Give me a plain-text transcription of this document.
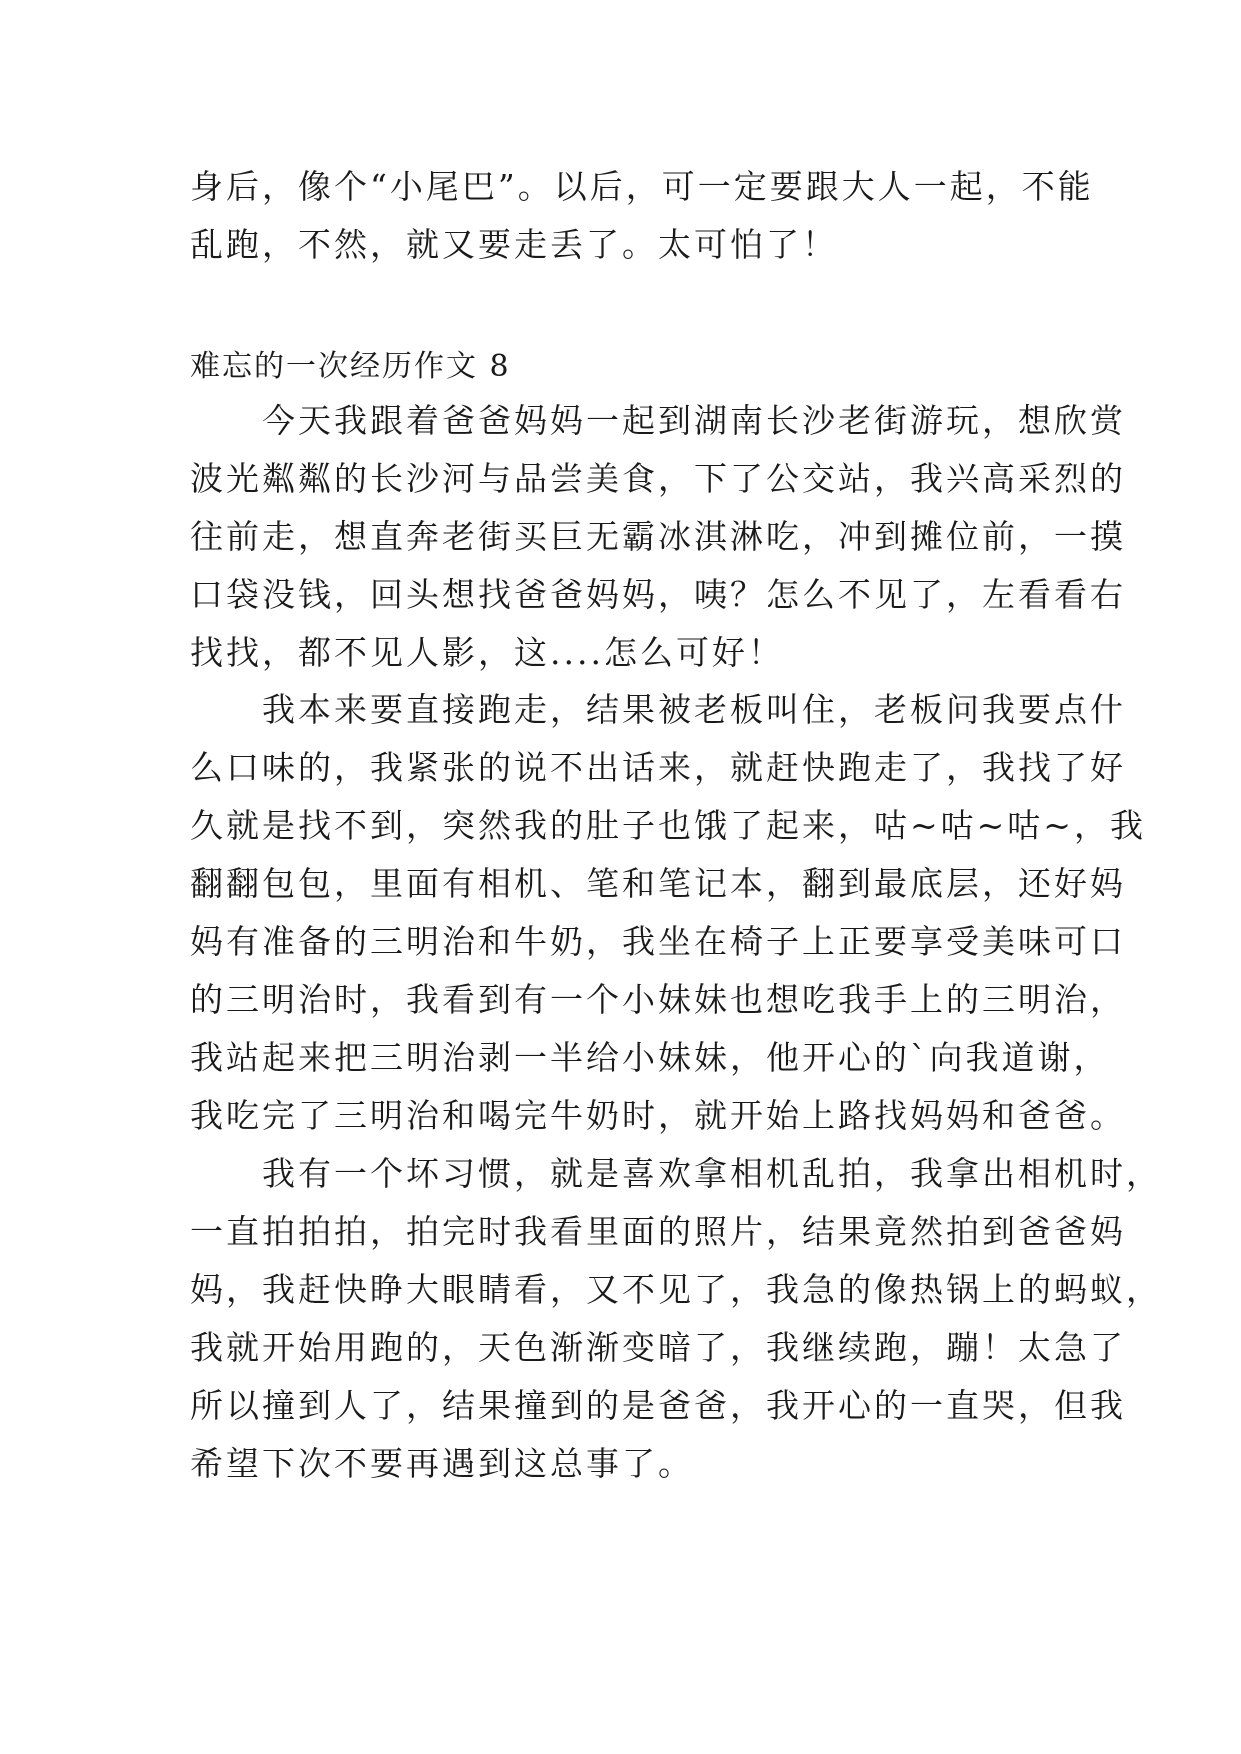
身后，像个“小尾巴”。以后，可一定要跟大人一起，不能
乱跑，不然，就又要走丢了。太可怕了！
难忘的一次经历作文 8
　　今天我跟着爸爸妈妈一起到湖南长沙老街游玩，想欣赏
波光粼粼的长沙河与品尝美食，下了公交站，我兴高采烈的
往前走，想直奔老街买巨无霸冰淇淋吃，冲到摊位前，一摸
口袋没钱，回头想找爸爸妈妈，咦？怎么不见了，左看看右
找找，都不见人影，这....怎么可好！
　　我本来要直接跑走，结果被老板叫住，老板问我要点什
么口味的，我紧张的说不出话来，就赶快跑走了，我找了好
久就是找不到，突然我的肚子也饿了起来，咕~咕~咕~，我
翻翻包包，里面有相机、笔和笔记本，翻到最底层，还好妈
妈有准备的三明治和牛奶，我坐在椅子上正要享受美味可口
的三明治时，我看到有一个小妹妹也想吃我手上的三明治，
我站起来把三明治剥一半给小妹妹，他开心的`向我道谢，
我吃完了三明治和喝完牛奶时，就开始上路找妈妈和爸爸。
　　我有一个坏习惯，就是喜欢拿相机乱拍，我拿出相机时，
一直拍拍拍，拍完时我看里面的照片，结果竟然拍到爸爸妈
妈，我赶快睁大眼睛看，又不见了，我急的像热锅上的蚂蚁，
我就开始用跑的，天色渐渐变暗了，我继续跑，蹦！太急了
所以撞到人了，结果撞到的是爸爸，我开心的一直哭，但我
希望下次不要再遇到这总事了。
